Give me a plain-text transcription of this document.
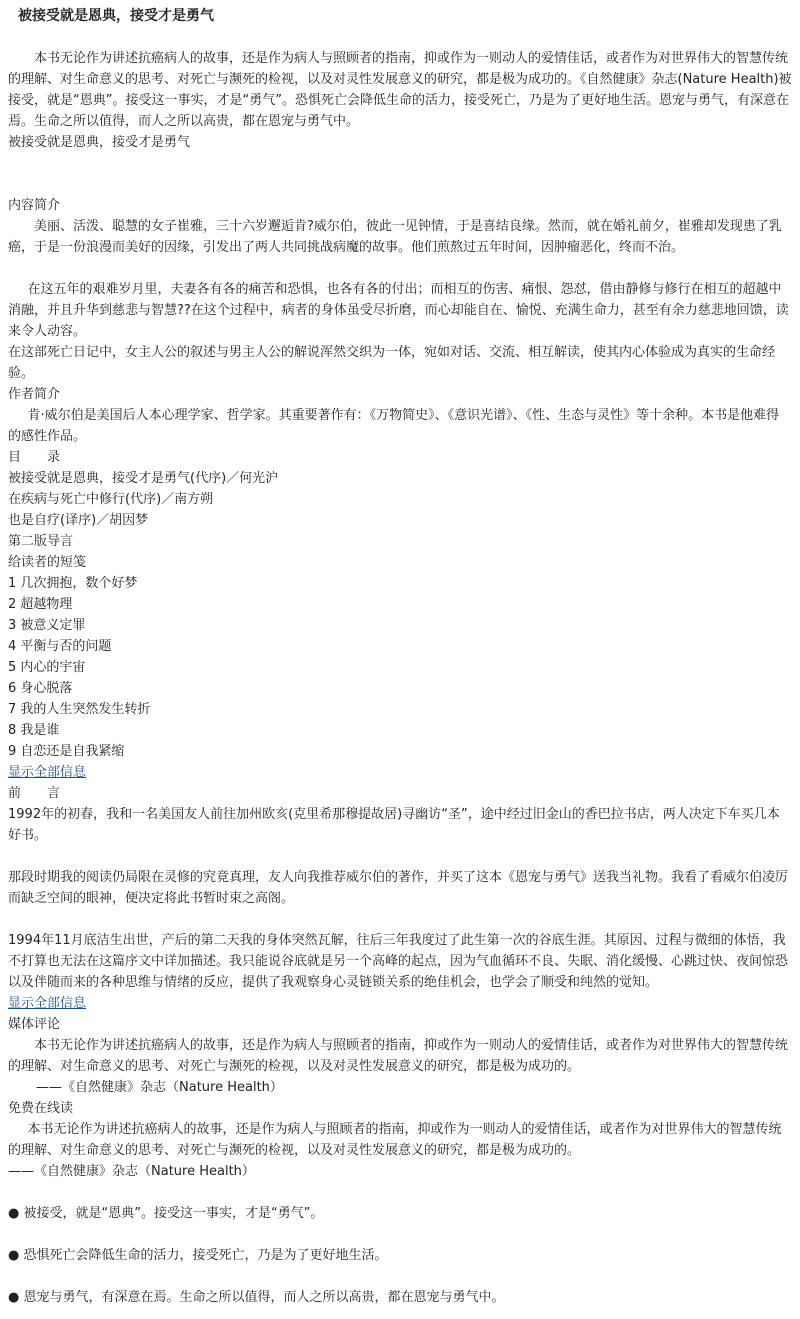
被接受就是恩典，接受才是勇气

本书无论作为讲述抗癌病人的故事，还是作为病人与照顾者的指南，抑或作为一则动人的爱情佳话，或者作为对世界伟大的智慧传统的理解、对生命意义的思考、对死亡与濒死的检视，以及对灵性发展意义的研究，都是极为成功的。《自然健康》杂志(Nature Health)被接受，就是“恩典”。接受这一事实，才是“勇气”。恐惧死亡会降低生命的活力，接受死亡，乃是为了更好地生活。恩宠与勇气，有深意在焉。生命之所以值得，而人之所以高贵，都在恩宠与勇气中。

被接受就是恩典，接受才是勇气

内容简介

美丽、活泼、聪慧的女子崔雅，三十六岁邂逅肯?威尔伯，彼此一见钟情，于是喜结良缘。然而，就在婚礼前夕，崔雅却发现患了乳癌，于是一份浪漫而美好的因缘，引发出了两人共同挑战病魔的故事。他们煎熬过五年时间，因肿瘤恶化，终而不治。

在这五年的艰难岁月里，夫妻各有各的痛苦和恐惧，也各有各的付出；而相互的伤害、痛恨、怨怼，借由静修与修行在相互的超越中消融，并且升华到慈悲与智慧??在这个过程中，病者的身体虽受尽折磨，而心却能自在、愉悦、充满生命力，甚至有余力慈悲地回馈，读来令人动容。

在这部死亡日记中，女主人公的叙述与男主人公的解说浑然交织为一体，宛如对话、交流、相互解读，使其内心体验成为真实的生命经验。

作者简介

肯·威尔伯是美国后人本心理学家、哲学家。其重要著作有：《万物简史》、《意识光谱》、《性、生态与灵性》等十余种。本书是他难得的感性作品。

目　　录

被接受就是恩典，接受才是勇气(代序)／何光沪
在疾病与死亡中修行(代序)／南方朔
也是自疗(译序)／胡因梦
第二版导言
给读者的短笺
1 几次拥抱，数个好梦
2 超越物理
3 被意义定罪
4 平衡与否的问题
5 内心的宇宙
6 身心脱落
7 我的人生突然发生转折
8 我是谁
9 自恋还是自我紧缩
显示全部信息

前　　言

1992年的初春，我和一名美国友人前往加州欧亥(克里希那穆提故居)寻幽访“圣”，途中经过旧金山的香巴拉书店，两人决定下车买几本好书。

那段时期我的阅读仍局限在灵修的究竟真理，友人向我推荐威尔伯的著作，并买了这本《恩宠与勇气》送我当礼物。我看了看威尔伯凌厉而缺乏空间的眼神，便决定将此书暂时束之高阁。

1994年11月底洁生出世，产后的第二天我的身体突然瓦解，往后三年我度过了此生第一次的谷底生涯。其原因、过程与微细的体悟，我不打算也无法在这篇序文中详加描述。我只能说谷底就是另一个高峰的起点，因为气血循环不良、失眠、消化缓慢、心跳过快、夜间惊恐以及伴随而来的各种思维与情绪的反应，提供了我观察身心灵链锁关系的绝佳机会，也学会了顺受和纯然的觉知。

显示全部信息

媒体评论

本书无论作为讲述抗癌病人的故事，还是作为病人与照顾者的指南，抑或作为一则动人的爱情佳话，或者作为对世界伟大的智慧传统的理解、对生命意义的思考、对死亡与濒死的检视，以及对灵性发展意义的研究，都是极为成功的。

——《自然健康》杂志（Nature Health）

免费在线读

本书无论作为讲述抗癌病人的故事，还是作为病人与照顾者的指南，抑或作为一则动人的爱情佳话，或者作为对世界伟大的智慧传统的理解、对生命意义的思考、对死亡与濒死的检视，以及对灵性发展意义的研究，都是极为成功的。

——《自然健康》杂志（Nature Health）

● 被接受，就是“恩典”。接受这一事实，才是“勇气”。

● 恐惧死亡会降低生命的活力，接受死亡，乃是为了更好地生活。

● 恩宠与勇气，有深意在焉。生命之所以值得，而人之所以高贵，都在恩宠与勇气中。
